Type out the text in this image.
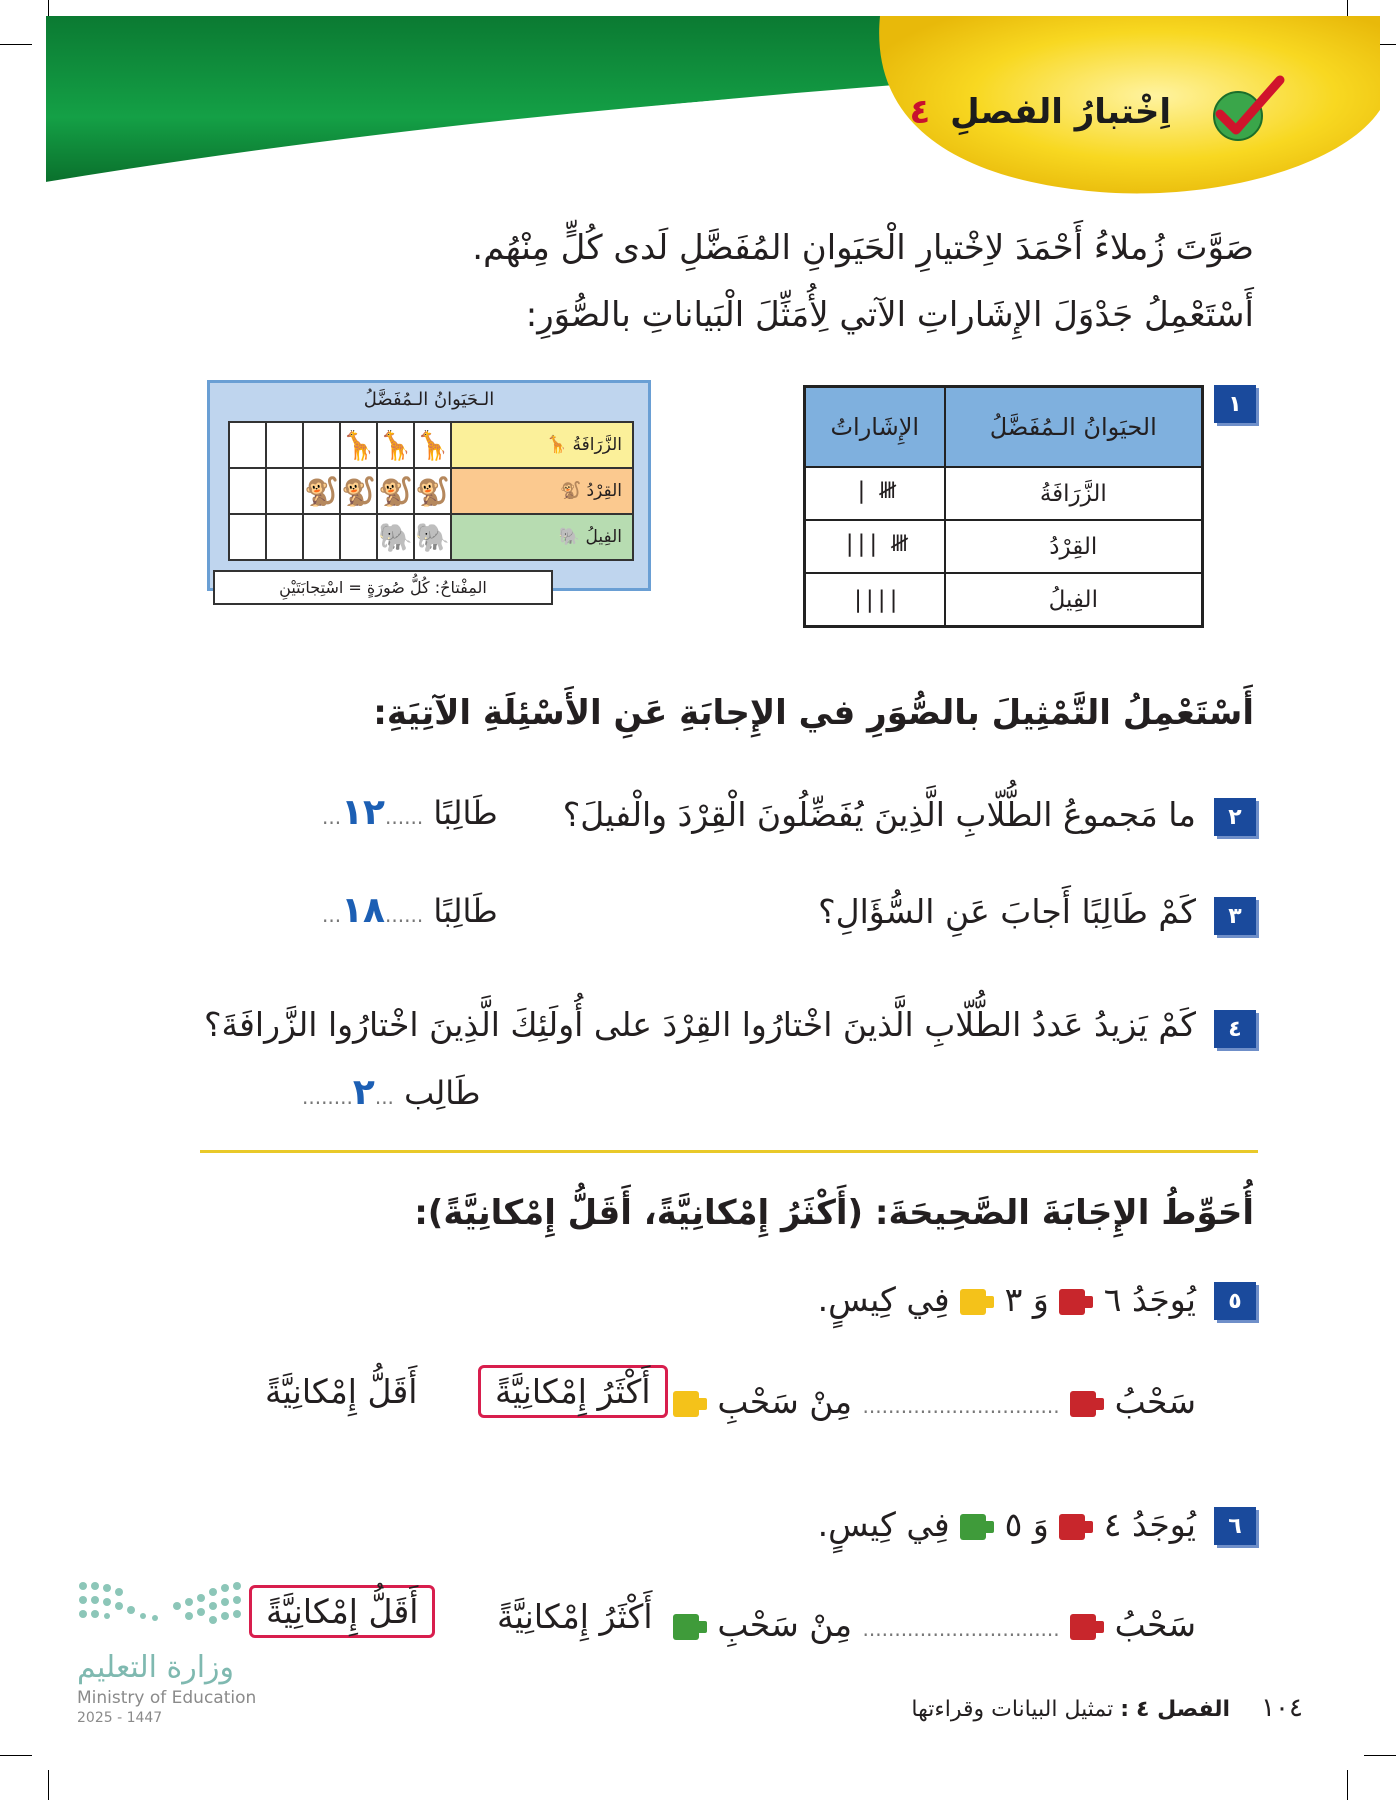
اِخْتبارُ الفصلِ ٤
صَوَّتَ زُملاءُ أَحْمَدَ لاِخْتيارِ الْحَيَوانِ المُفَضَّلِ لَدى كُلٍّ مِنْهُم.
أَسْتَعْمِلُ جَدْوَلَ الإِشَاراتِ الآتي لِأُمَثِّلَ الْبَياناتِ بالصُّوَرِ:
١
الحيَوانُ الـمُفَضَّلُ	الإِشَاراتُ
الزَّرَافَةُ	𝍸 |
القِرْدُ	𝍸 |||
الفِيلُ	||||
الـحَيَوانُ الـمُفَضَّلُ
			🦒	🦒	🦒	الزَّرَافَةُ 🦒
		🐒	🐒	🐒	🐒	القِرْدُ 🐒
				🐘	🐘	الفِيلُ 🐘
المِفْتاحُ: كُلُّ صُورَةٍ = اسْتِجابَتَيْنِ
أَسْتَعْمِلُ التَّمْثِيلَ بالصُّوَرِ في الإِجابَةِ عَنِ الأَسْئِلَةِ الآتِيَةِ:
٢
ما مَجموعُ الطُّلّابِ الَّذِينَ يُفَضِّلُونَ الْقِرْدَ والْفيلَ؟
طَالِبًا ......١٢...
٣
كَمْ طَالِبًا أَجابَ عَنِ السُّؤَالِ؟
طَالِبًا ......١٨...
٤
كَمْ يَزيدُ عَددُ الطُّلّابِ الَّذينَ اخْتارُوا القِرْدَ على أُولَئِكَ الَّذِينَ اخْتارُوا الزَّرافَةَ؟
طَالِب ...٢........
أُحَوِّطُ الإِجَابَةَ الصَّحِيحَةَ: (أَكْثَرُ إِمْكانِيَّةً، أَقَلُّ إِمْكانِيَّةً):
٥
يُوجَدُ ٦  وَ ٣  فِي كِيسٍ.
سَحْبُ  ............................... مِنْ سَحْبِ
أَكْثَرُ إِمْكانِيَّةً
أَقَلُّ إِمْكانِيَّةً
٦
يُوجَدُ ٤  وَ ٥  فِي كِيسٍ.
سَحْبُ  ............................... مِنْ سَحْبِ
أَكْثَرُ إِمْكانِيَّةً
أَقَلُّ إِمْكانِيَّةً
وزارة التعليم
Ministry of Education
2025 - 1447	١٠٤ الفصل ٤ : تمثيل البيانات وقراءتها
